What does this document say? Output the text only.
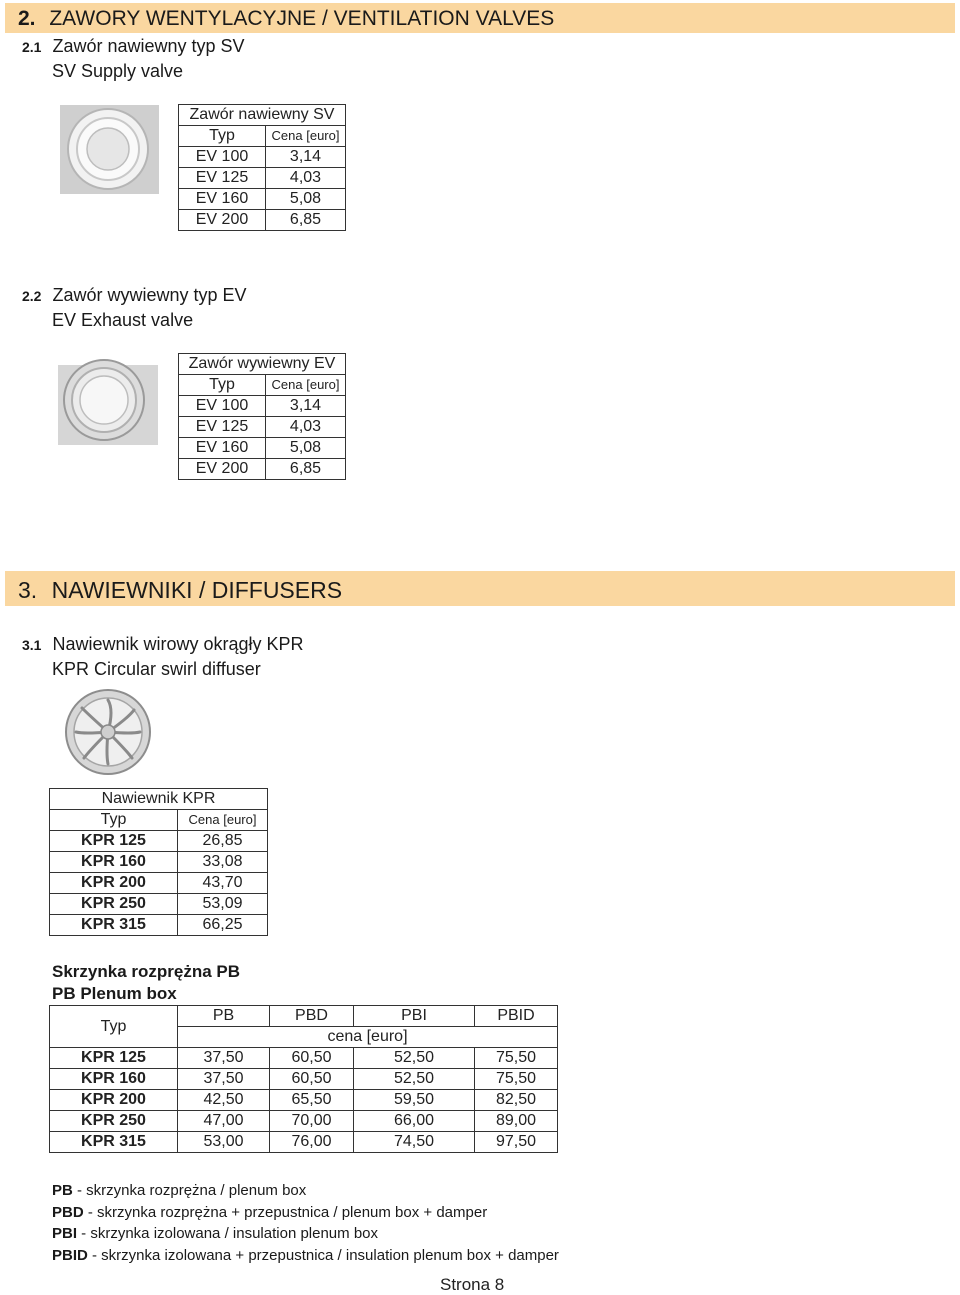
2. ZAWORY WENTYLACYJNE / VENTILATION VALVES
2.1 Zawór nawiewny typ SV
SV Supply valve
Zawór nawiewny SV	
Typ	Cena [euro]
EV 100	3,14
EV 125	4,03
EV 160	5,08
EV 200	6,85
2.2 Zawór wywiewny typ EV
EV Exhaust valve
Zawór wywiewny EV	
Typ	Cena [euro]
EV 100	3,14
EV 125	4,03
EV 160	5,08
EV 200	6,85
3. NAWIEWNIKI / DIFFUSERS
3.1 Nawiewnik wirowy okrągły KPR
KPR Circular swirl diffuser
Nawiewnik KPR	
Typ	Cena [euro]
KPR 125	26,85
KPR 160	33,08
KPR 200	43,70
KPR 250	53,09
KPR 315	66,25
Skrzynka rozprężna PB
PB Plenum box
Typ	PB	PBD	PBI	PBID
	cena [euro]			
KPR 125	37,50	60,50	52,50	75,50
KPR 160	37,50	60,50	52,50	75,50
KPR 200	42,50	65,50	59,50	82,50
KPR 250	47,00	70,00	66,00	89,00
KPR 315	53,00	76,00	74,50	97,50
PB - skrzynka rozprężna / plenum box
PBD - skrzynka rozprężna + przepustnica / plenum box + damper
PBI - skrzynka izolowana / insulation plenum box
PBID - skrzynka izolowana + przepustnica / insulation plenum box + damper
Strona 8
